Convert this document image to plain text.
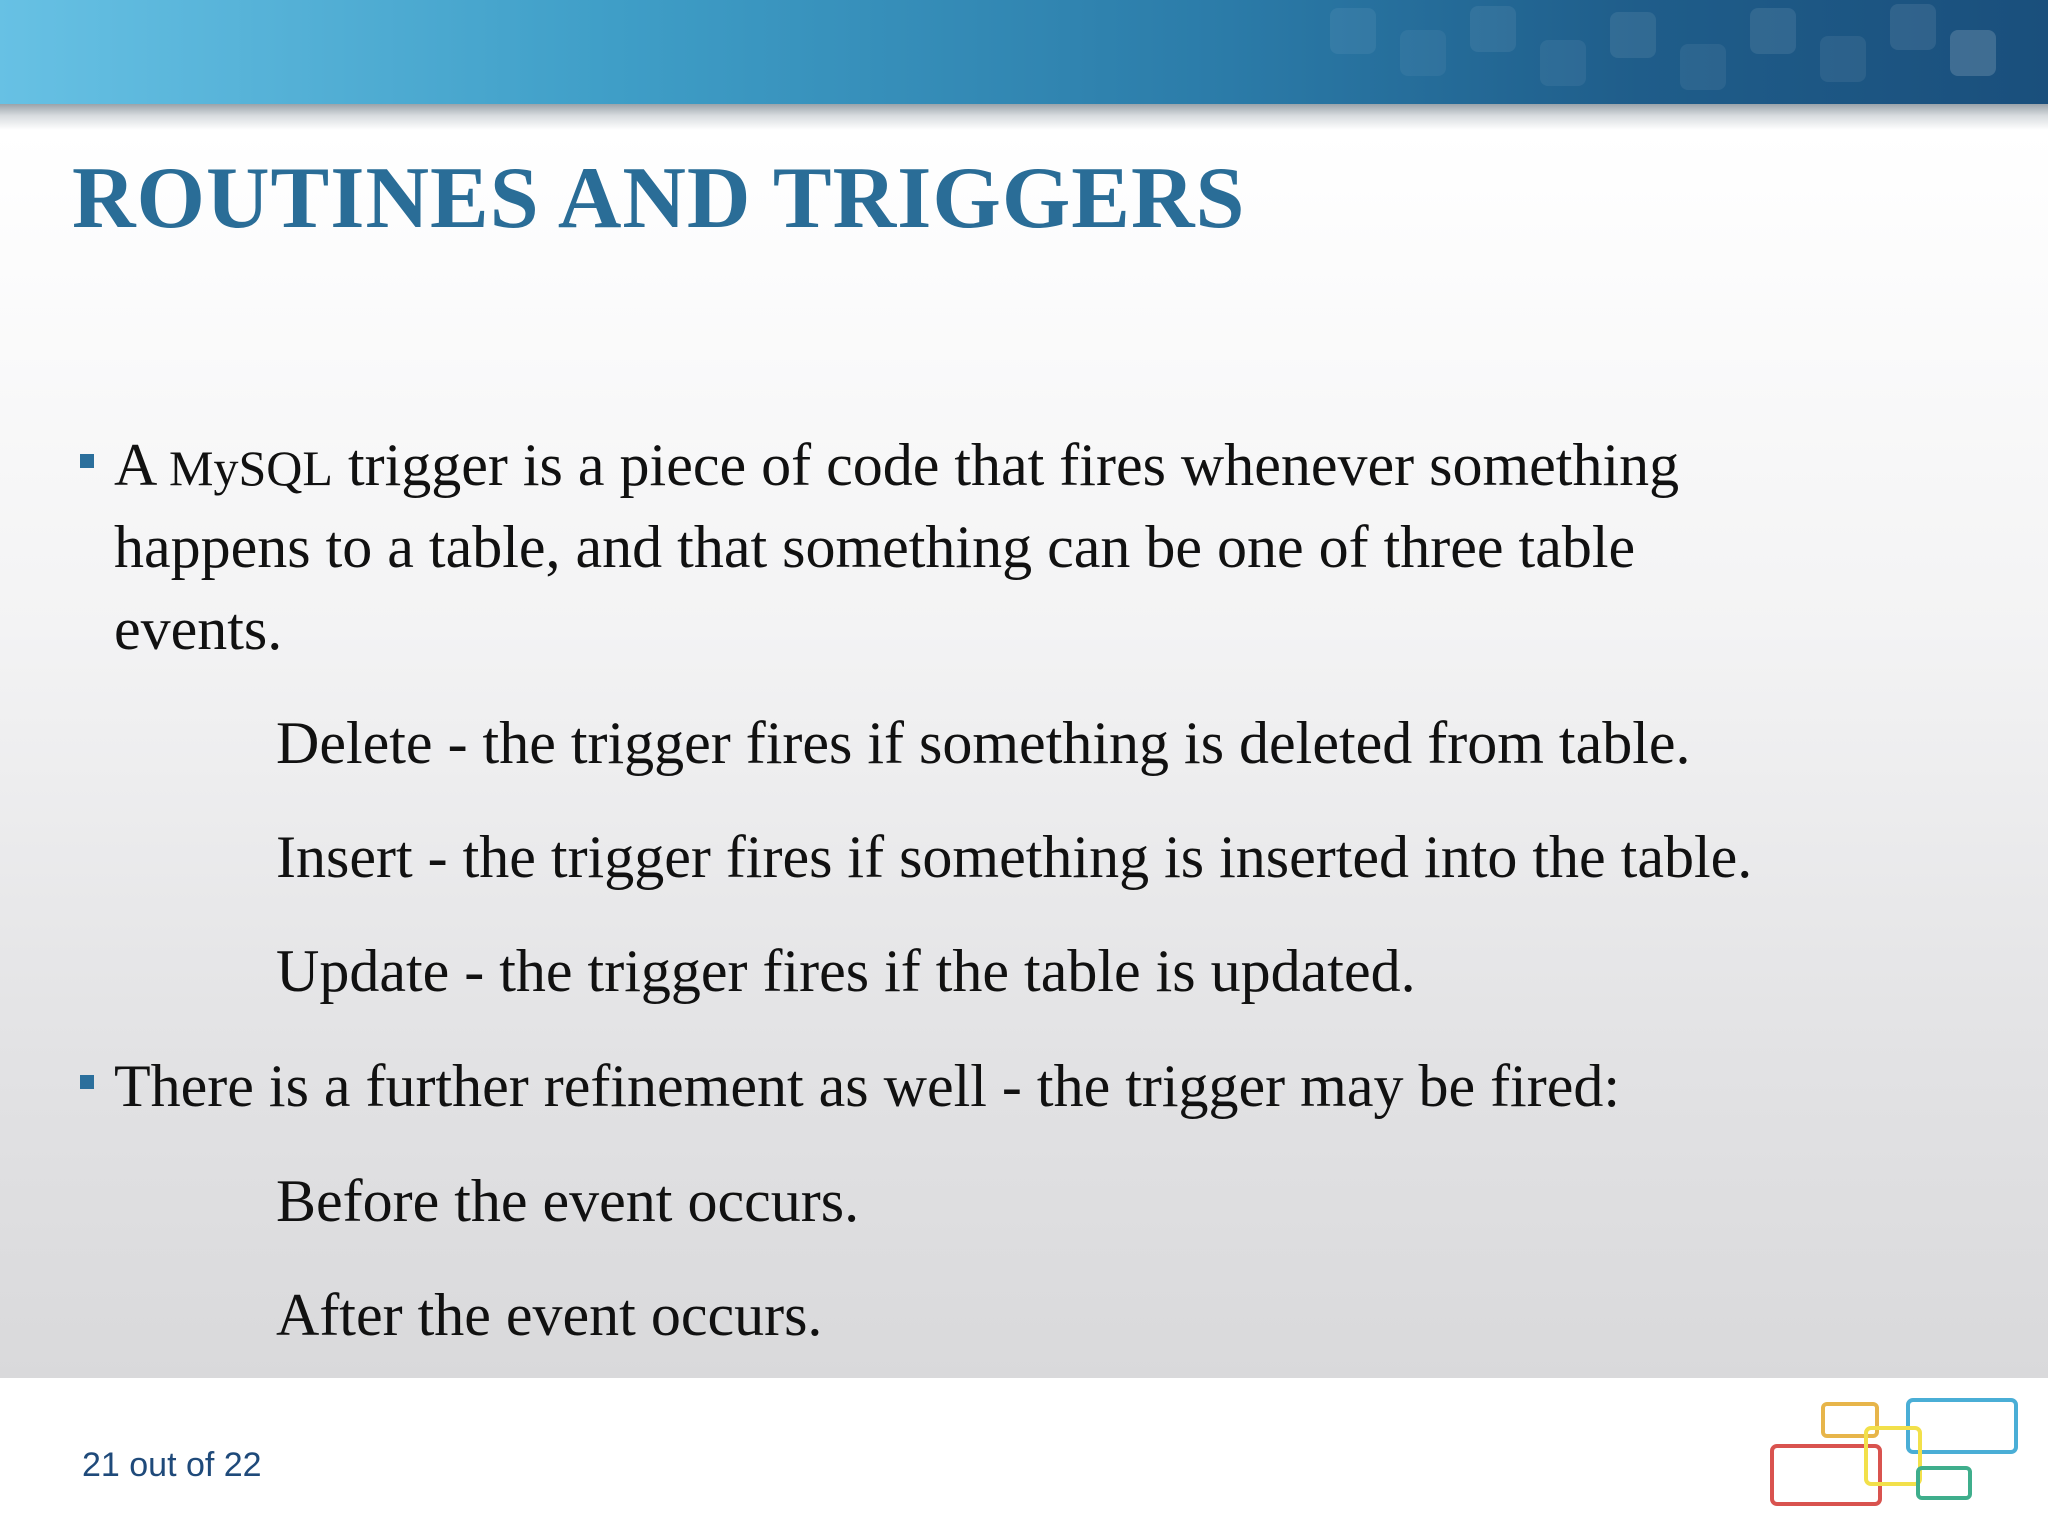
ROUTINES AND TRIGGERS
A MySQL trigger is a piece of code that fires whenever something
happens to a table, and that something can be one of three table
events.
Delete - the trigger fires if something is deleted from table.
Insert - the trigger fires if something is inserted into the table.
Update - the trigger fires if the table is updated.
There is a further refinement as well - the trigger may be fired:
Before the event occurs.
After the event occurs.
21 out of 22
